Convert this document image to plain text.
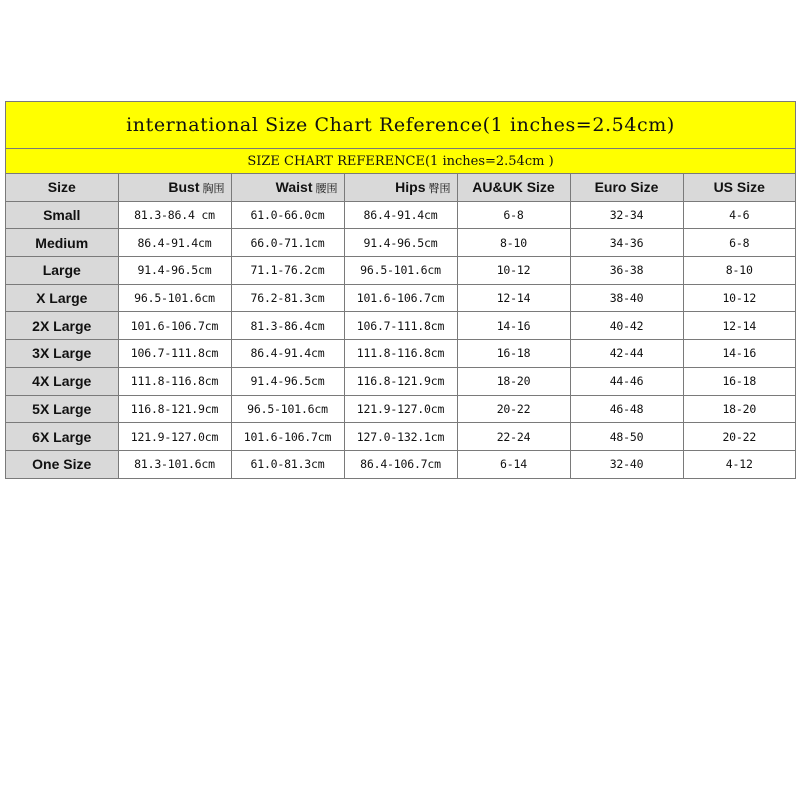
international Size Chart Reference(1 inches=2.54cm)
SIZE CHART REFERENCE(1 inches=2.54cm )
Size	Bust 胸围	Waist 腰围	Hips 臀围	AU&UK Size	Euro Size	US Size
Small	81.3-86.4 cm	61.0-66.0cm	86.4-91.4cm	6-8	32-34	4-6
Medium	86.4-91.4cm	66.0-71.1cm	91.4-96.5cm	8-10	34-36	6-8
Large	91.4-96.5cm	71.1-76.2cm	96.5-101.6cm	10-12	36-38	8-10
X Large	96.5-101.6cm	76.2-81.3cm	101.6-106.7cm	12-14	38-40	10-12
2X Large	101.6-106.7cm	81.3-86.4cm	106.7-111.8cm	14-16	40-42	12-14
3X Large	106.7-111.8cm	86.4-91.4cm	111.8-116.8cm	16-18	42-44	14-16
4X Large	111.8-116.8cm	91.4-96.5cm	116.8-121.9cm	18-20	44-46	16-18
5X Large	116.8-121.9cm	96.5-101.6cm	121.9-127.0cm	20-22	46-48	18-20
6X Large	121.9-127.0cm	101.6-106.7cm	127.0-132.1cm	22-24	48-50	20-22
One Size	81.3-101.6cm	61.0-81.3cm	86.4-106.7cm	6-14	32-40	4-12
